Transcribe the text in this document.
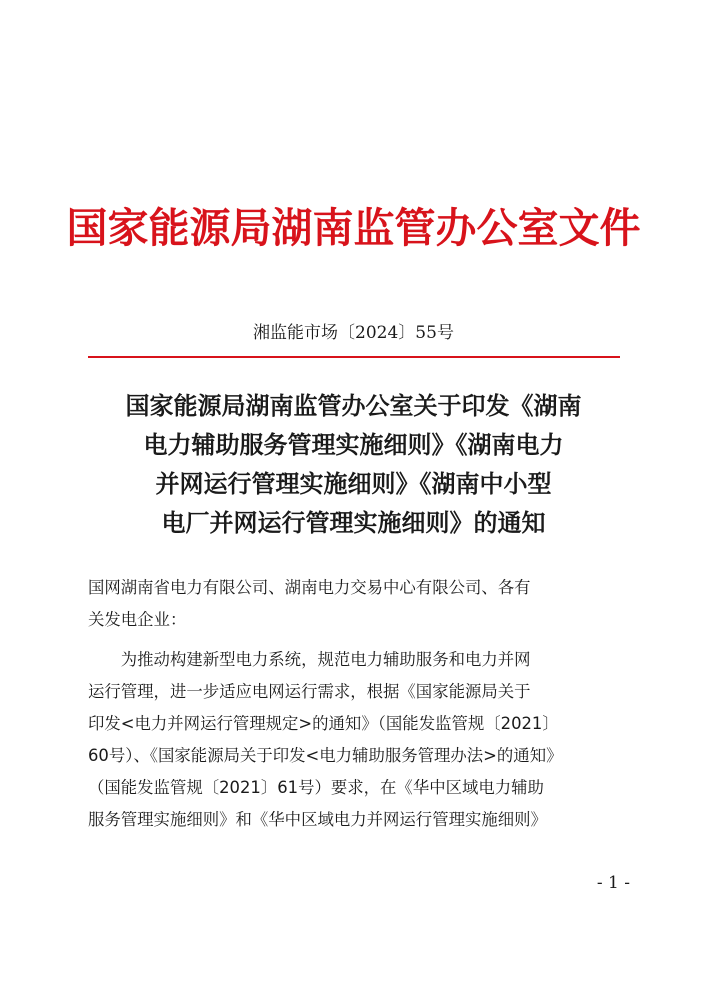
国家能源局湖南监管办公室文件
湘监能市场〔2024〕55号
国家能源局湖南监管办公室关于印发《湖南
电力辅助服务管理实施细则》《湖南电力
并网运行管理实施细则》《湖南中小型
电厂并网运行管理实施细则》的通知
国网湖南省电力有限公司、湖南电力交易中心有限公司、各有
关发电企业：
　　为推动构建新型电力系统，规范电力辅助服务和电力并网
运行管理，进一步适应电网运行需求，根据《国家能源局关于
印发<电力并网运行管理规定>的通知》（国能发监管规〔2021〕
60号）、《国家能源局关于印发<电力辅助服务管理办法>的通知》
（国能发监管规〔2021〕61号）要求，在《华中区域电力辅助
服务管理实施细则》和《华中区域电力并网运行管理实施细则》
- 1 -
